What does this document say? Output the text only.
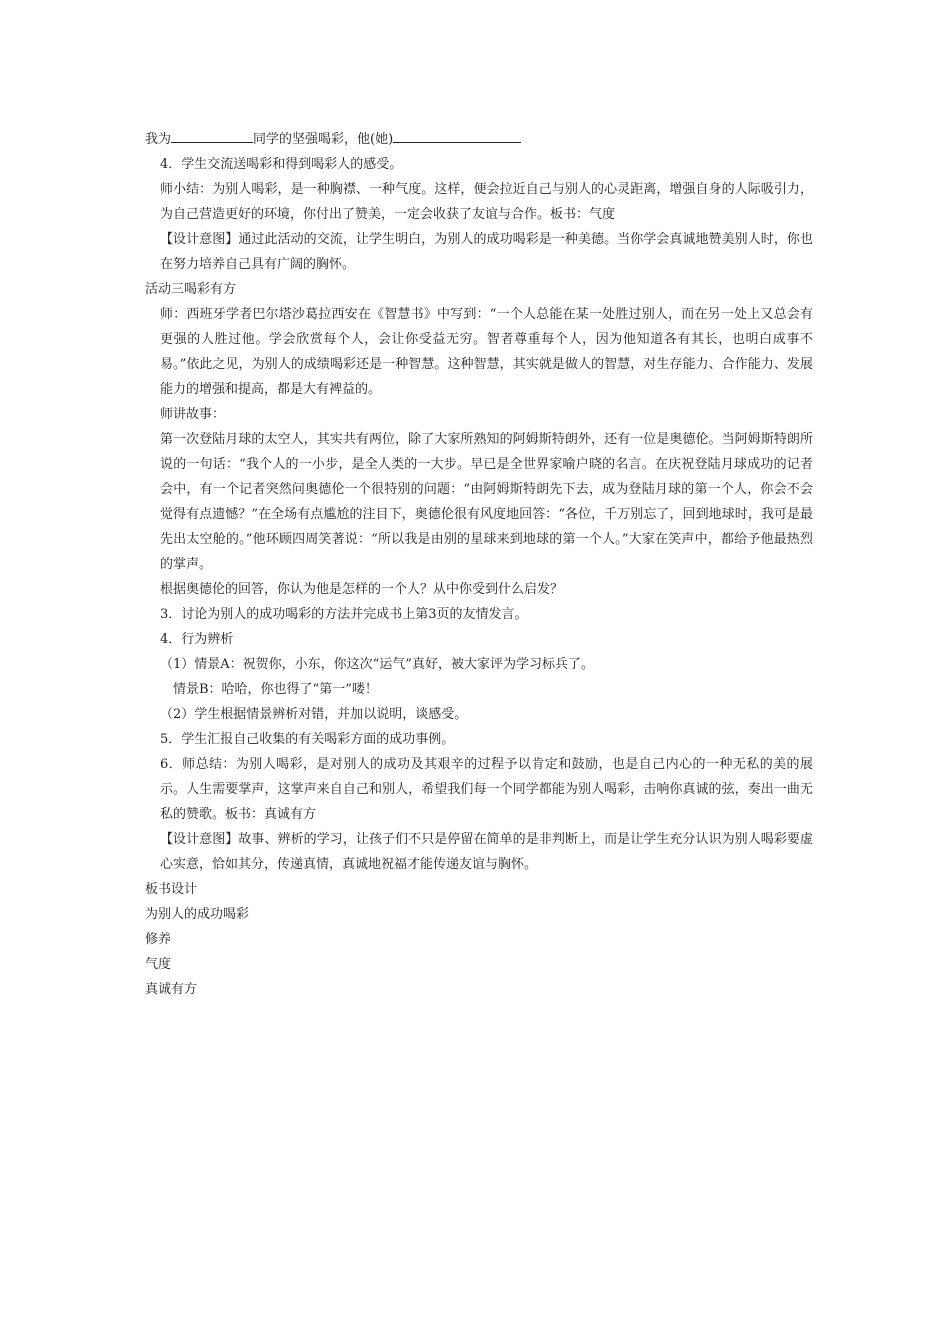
我为	同学的坚强喝彩，他(她)
4．学生交流送喝彩和得到喝彩人的感受。
师小结：为别人喝彩，是一种胸襟、一种气度。这样，便会拉近自己与别人的心灵距离，增强自身的人际吸引力，为自己营造更好的环境，你付出了赞美，一定会收获了友谊与合作。板书：气度
【设计意图】通过此活动的交流，让学生明白，为别人的成功喝彩是一种美德。当你学会真诚地赞美别人时，你也在努力培养自己具有广阔的胸怀。
活动三喝彩有方
师：西班牙学者巴尔塔沙葛拉西安在《智慧书》中写到：“一个人总能在某一处胜过别人，而在另一处上又总会有更强的人胜过他。学会欣赏每个人，会让你受益无穷。智者尊重每个人，因为他知道各有其长，也明白成事不易。”依此之见，为别人的成绩喝彩还是一种智慧。这种智慧，其实就是做人的智慧，对生存能力、合作能力、发展能力的增强和提高，都是大有裨益的。
师讲故事：
第一次登陆月球的太空人，其实共有两位，除了大家所熟知的阿姆斯特朗外，还有一位是奥德伦。当阿姆斯特朗所说的一句话：“我个人的一小步，是全人类的一大步。早已是全世界家喻户晓的名言。在庆祝登陆月球成功的记者会中，有一个记者突然问奥德伦一个很特别的问题：“由阿姆斯特朗先下去，成为登陆月球的第一个人，你会不会觉得有点遗憾？”在全场有点尴尬的注目下，奥德伦很有风度地回答：“各位，千万别忘了，回到地球时，我可是最先出太空舱的。”他环顾四周笑著说：“所以我是由别的星球来到地球的第一个人。”大家在笑声中，都给予他最热烈的掌声。
根据奥德伦的回答，你认为他是怎样的一个人？从中你受到什么启发？
3．讨论为别人的成功喝彩的方法并完成书上第3页的友情发言。
4．行为辨析
（1）情景A：祝贺你，小东，你这次“运气”真好，被大家评为学习标兵了。
情景B：哈哈，你也得了“第一”喽！
（2）学生根据情景辨析对错，并加以说明，谈感受。
5．学生汇报自己收集的有关喝彩方面的成功事例。
6．师总结：为别人喝彩，是对别人的成功及其艰辛的过程予以肯定和鼓励，也是自己内心的一种无私的美的展示。人生需要掌声，这掌声来自自己和别人，希望我们每一个同学都能为别人喝彩，击响你真诚的弦，奏出一曲无私的赞歌。板书：真诚有方
【设计意图】故事、辨析的学习，让孩子们不只是停留在简单的是非判断上，而是让学生充分认识为别人喝彩要虚心实意，恰如其分，传递真情，真诚地祝福才能传递友谊与胸怀。
板书设计
为别人的成功喝彩
修养
气度
真诚有方
